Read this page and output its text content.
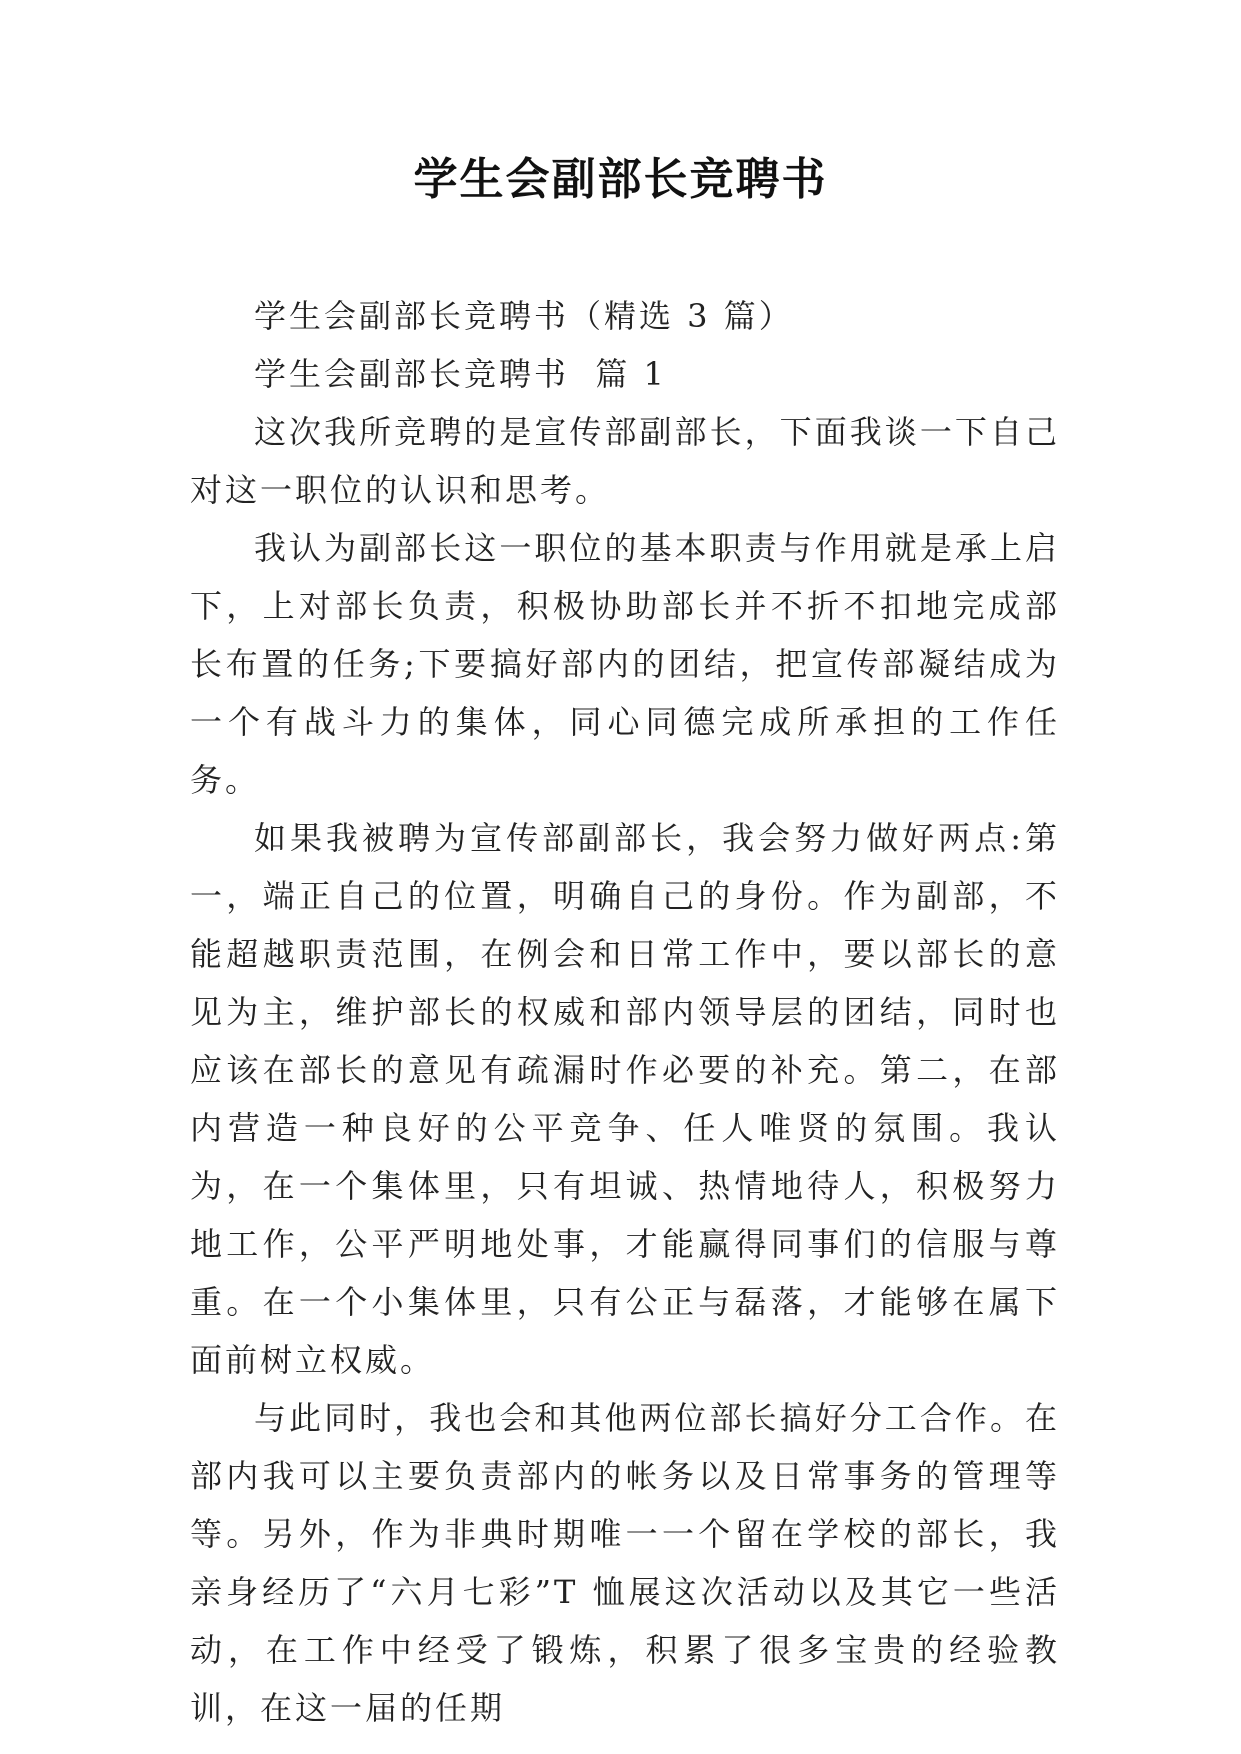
学生会副部长竞聘书

学生会副部长竞聘书（精选 3 篇）

学生会副部长竞聘书  篇 1

这次我所竞聘的是宣传部副部长，下面我谈一下自己对这一职位的认识和思考。

我认为副部长这一职位的基本职责与作用就是承上启下，上对部长负责，积极协助部长并不折不扣地完成部长布置的任务;下要搞好部内的团结，把宣传部凝结成为一个有战斗力的集体，同心同德完成所承担的工作任务。

如果我被聘为宣传部副部长，我会努力做好两点:第一，端正自己的位置，明确自己的身份。作为副部，不能超越职责范围，在例会和日常工作中，要以部长的意见为主，维护部长的权威和部内领导层的团结，同时也应该在部长的意见有疏漏时作必要的补充。第二，在部内营造一种良好的公平竞争、任人唯贤的氛围。我认为，在一个集体里，只有坦诚、热情地待人，积极努力地工作，公平严明地处事，才能赢得同事们的信服与尊重。在一个小集体里，只有公正与磊落，才能够在属下面前树立权威。

与此同时，我也会和其他两位部长搞好分工合作。在部内我可以主要负责部内的帐务以及日常事务的管理等等。另外，作为非典时期唯一一个留在学校的部长，我亲身经历了“六月七彩”T 恤展这次活动以及其它一些活动，在工作中经受了锻炼，积累了很多宝贵的经验教训，在这一届的任期
